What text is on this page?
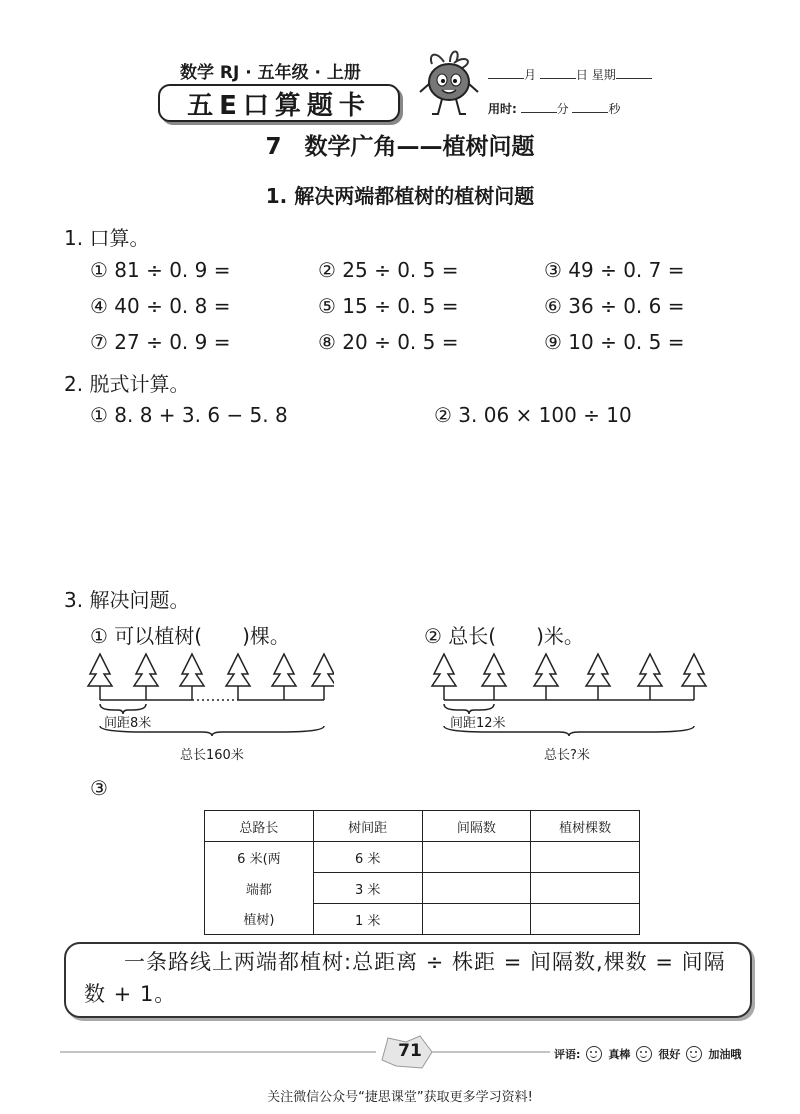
数学 RJ · 五年级 · 上册
五E口算题卡
月	日 星期
用时:	分	秒
7　数学广角——植树问题
1. 解决两端都植树的植树问题
1. 口算。
① 81 ÷ 0. 9 =	② 25 ÷ 0. 5 =	③ 49 ÷ 0. 7 =
④ 40 ÷ 0. 8 =	⑤ 15 ÷ 0. 5 =	⑥ 36 ÷ 0. 6 =
⑦ 27 ÷ 0. 9 =	⑧ 20 ÷ 0. 5 =	⑨ 10 ÷ 0. 5 =
2. 脱式计算。
① 8. 8 + 3. 6 − 5. 8	② 3. 06 × 100 ÷ 10
3. 解决问题。
① 可以植树(　　)棵。	② 总长(　　)米。
间距8米
总长160米
间距12米
总长?米
③
总路长	树间距	间隔数	植树棵数
6 米(两	6 米		
端都	3 米		
植树)	1 米		
一条路线上两端都植树:总距离 ÷ 株距 = 间隔数,棵数 = 间隔数 + 1。
71	评语:	真棒	很好	加油哦
关注微信公众号“捷思课堂”获取更多学习资料!
